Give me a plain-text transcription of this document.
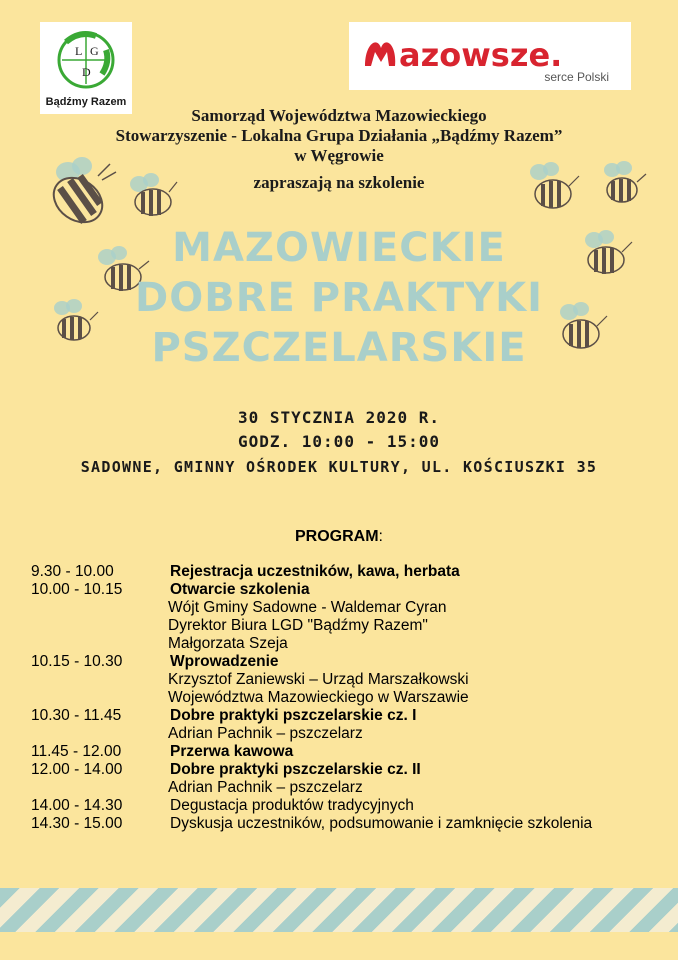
L G
D
Bądźmy Razem
azowsze.
serce Polski
Samorząd Województwa Mazowieckiego
Stowarzyszenie - Lokalna Grupa Działania „Bądźmy Razem”
w Węgrowie
zapraszają na szkolenie
MAZOWIECKIE
DOBRE PRAKTYKI
PSZCZELARSKIE
30 STYCZNIA 2020 R.
GODZ. 10:00 - 15:00
SADOWNE, GMINNY OŚRODEK KULTURY, UL. KOŚCIUSZKI 35
PROGRAM:
9.30 - 10.00	Rejestracja uczestników, kawa, herbata
10.00 - 10.15	Otwarcie szkolenia
Wójt Gminy Sadowne - Waldemar Cyran
Dyrektor Biura LGD "Bądźmy Razem"
Małgorzata Szeja
10.15 - 10.30	Wprowadzenie
Krzysztof Zaniewski – Urząd Marszałkowski
Województwa Mazowieckiego w Warszawie
10.30 - 11.45	Dobre praktyki pszczelarskie cz. I
Adrian Pachnik – pszczelarz
11.45 - 12.00	Przerwa kawowa
12.00 - 14.00	Dobre praktyki pszczelarskie cz. II
Adrian Pachnik – pszczelarz
14.00 - 14.30	Degustacja produktów tradycyjnych
14.30 - 15.00	Dyskusja uczestników, podsumowanie i zamknięcie szkolenia
